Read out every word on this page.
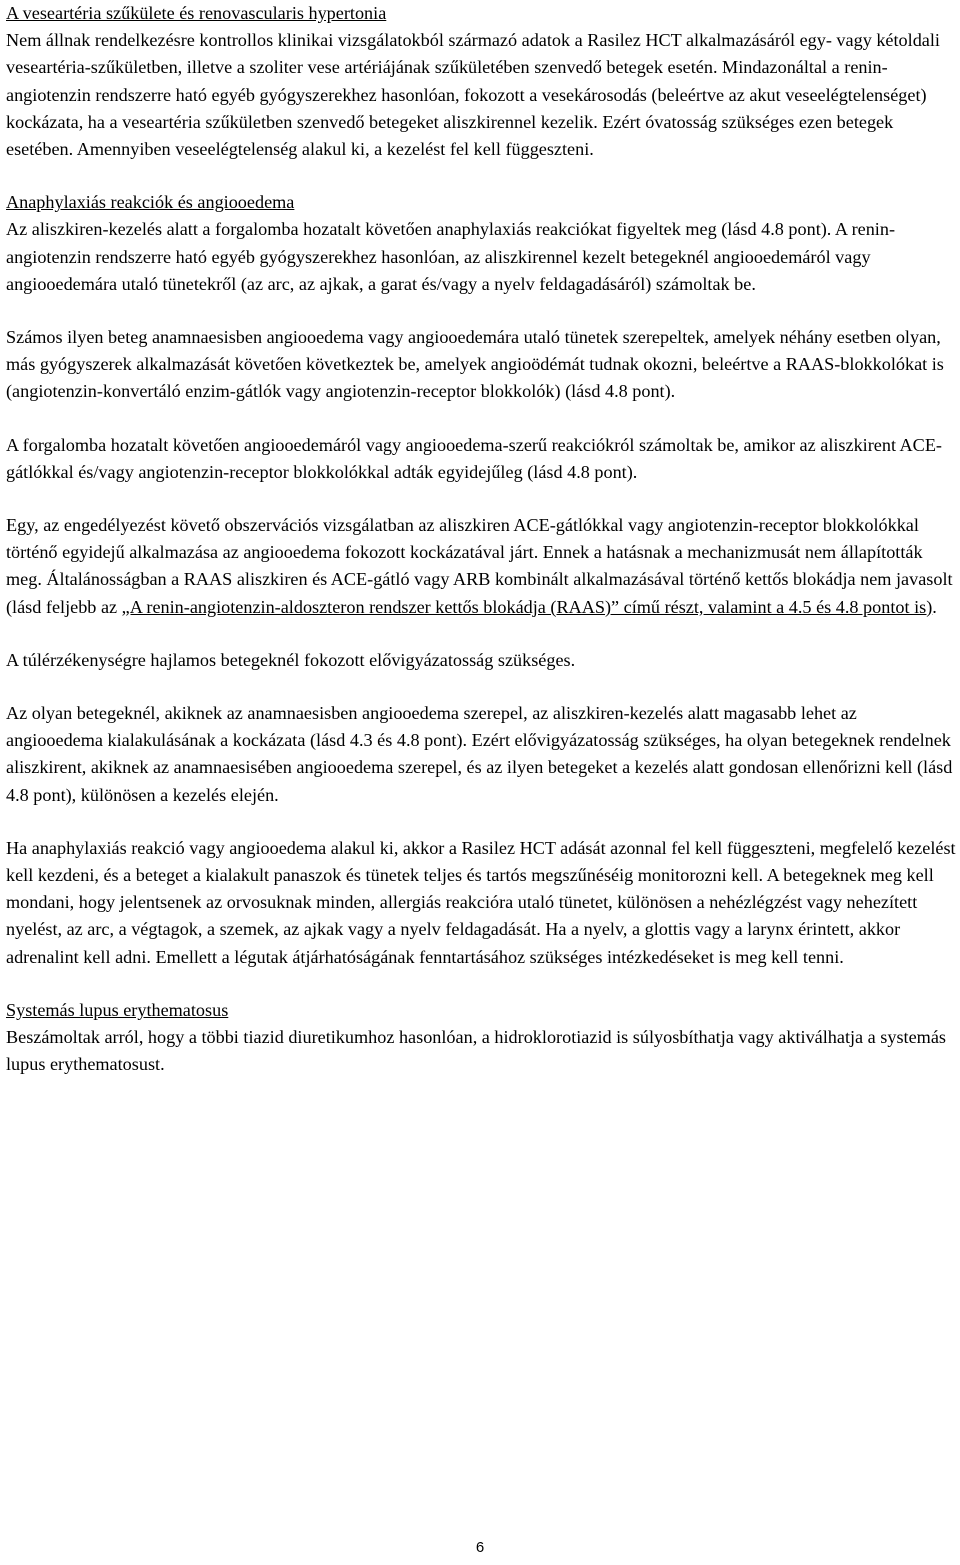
A veseartéria szűkülete és renovascularis hypertonia

Nem állnak rendelkezésre kontrollos klinikai vizsgálatokból származó adatok a Rasilez HCT alkalmazásáról egy- vagy kétoldali veseartéria-szűkületben, illetve a szoliter vese artériájának szűkületében szenvedő betegek esetén. Mindazonáltal a renin-angiotenzin rendszerre ható egyéb gyógyszerekhez hasonlóan, fokozott a vesekárosodás (beleértve az akut veseelégtelenséget) kockázata, ha a veseartéria szűkületben szenvedő betegeket aliszkirennel kezelik. Ezért óvatosság szükséges ezen betegek esetében. Amennyiben veseelégtelenség alakul ki, a kezelést fel kell függeszteni.

Anaphylaxiás reakciók és angiooedema

Az aliszkiren-kezelés alatt a forgalomba hozatalt követően anaphylaxiás reakciókat figyeltek meg (lásd 4.8 pont). A renin-angiotenzin rendszerre ható egyéb gyógyszerekhez hasonlóan, az aliszkirennel kezelt betegeknél angiooedemáról vagy angiooedemára utaló tünetekről (az arc, az ajkak, a garat és/vagy a nyelv feldagadásáról) számoltak be.

Számos ilyen beteg anamnaesisben angiooedema vagy angiooedemára utaló tünetek szerepeltek, amelyek néhány esetben olyan, más gyógyszerek alkalmazását követően következtek be, amelyek angioödémát tudnak okozni, beleértve a RAAS-blokkolókat is (angiotenzin-konvertáló enzim-gátlók vagy angiotenzin-receptor blokkolók) (lásd 4.8 pont).

A forgalomba hozatalt követően angiooedemáról vagy angiooedema-szerű reakciókról számoltak be, amikor az aliszkirent ACE-gátlókkal és/vagy angiotenzin-receptor blokkolókkal adták egyidejűleg (lásd 4.8 pont).

Egy, az engedélyezést követő obszervációs vizsgálatban az aliszkiren ACE-gátlókkal vagy angiotenzin-receptor blokkolókkal történő egyidejű alkalmazása az angiooedema fokozott kockázatával járt. Ennek a hatásnak a mechanizmusát nem állapították meg. Általánosságban a RAAS aliszkiren és ACE-gátló vagy ARB kombinált alkalmazásával történő kettős blokádja nem javasolt (lásd feljebb az „A renin-angiotenzin-aldoszteron rendszer kettős blokádja (RAAS)” című részt, valamint a 4.5 és 4.8 pontot is).

A túlérzékenységre hajlamos betegeknél fokozott elővigyázatosság szükséges.

Az olyan betegeknél, akiknek az anamnaesisben angiooedema szerepel, az aliszkiren-kezelés alatt magasabb lehet az angiooedema kialakulásának a kockázata (lásd 4.3 és 4.8 pont). Ezért elővigyázatosság szükséges, ha olyan betegeknek rendelnek aliszkirent, akiknek az anamnaesisében angiooedema szerepel, és az ilyen betegeket a kezelés alatt gondosan ellenőrizni kell (lásd 4.8 pont), különösen a kezelés elején.

Ha anaphylaxiás reakció vagy angiooedema alakul ki, akkor a Rasilez HCT adását azonnal fel kell függeszteni, megfelelő kezelést kell kezdeni, és a beteget a kialakult panaszok és tünetek teljes és tartós megszűnéséig monitorozni kell. A betegeknek meg kell mondani, hogy jelentsenek az orvosuknak minden, allergiás reakcióra utaló tünetet, különösen a nehézlégzést vagy nehezített nyelést, az arc, a végtagok, a szemek, az ajkak vagy a nyelv feldagadását. Ha a nyelv, a glottis vagy a larynx érintett, akkor adrenalint kell adni. Emellett a légutak átjárhatóságának fenntartásához szükséges intézkedéseket is meg kell tenni.

Systemás lupus erythematosus

Beszámoltak arról, hogy a többi tiazid diuretikumhoz hasonlóan, a hidroklorotiazid is súlyosbíthatja vagy aktiválhatja a systemás lupus erythematosust.

6
